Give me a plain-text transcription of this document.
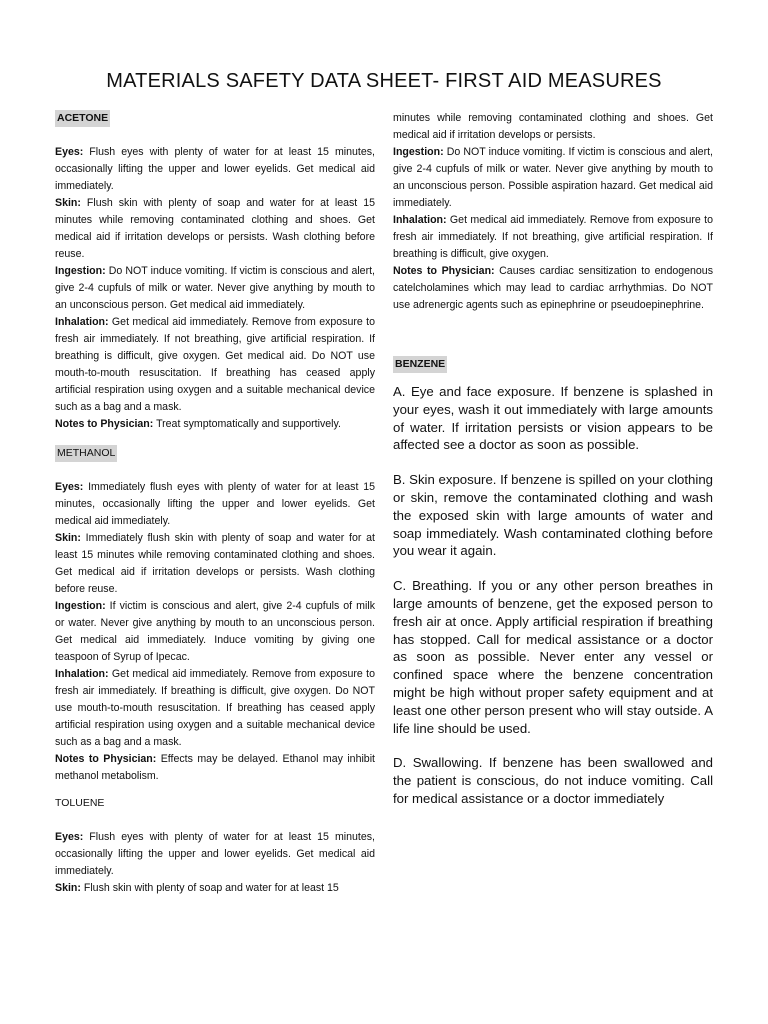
MATERIALS SAFETY DATA SHEET- FIRST AID MEASURES
ACETONE

Eyes: Flush eyes with plenty of water for at least 15 minutes, occasionally lifting the upper and lower eyelids. Get medical aid immediately.

Skin: Flush skin with plenty of soap and water for at least 15 minutes while removing contaminated clothing and shoes. Get medical aid if irritation develops or persists. Wash clothing before reuse.

Ingestion: Do NOT induce vomiting. If victim is conscious and alert, give 2-4 cupfuls of milk or water. Never give anything by mouth to an unconscious person. Get medical aid immediately.

Inhalation: Get medical aid immediately. Remove from exposure to fresh air immediately. If not breathing, give artificial respiration. If breathing is difficult, give oxygen. Get medical aid. Do NOT use mouth-to-mouth resuscitation. If breathing has ceased apply artificial respiration using oxygen and a suitable mechanical device such as a bag and a mask.

Notes to Physician: Treat symptomatically and supportively.

METHANOL

Eyes: Immediately flush eyes with plenty of water for at least 15 minutes, occasionally lifting the upper and lower eyelids. Get medical aid immediately.

Skin: Immediately flush skin with plenty of soap and water for at least 15 minutes while removing contaminated clothing and shoes. Get medical aid if irritation develops or persists. Wash clothing before reuse.

Ingestion: If victim is conscious and alert, give 2-4 cupfuls of milk or water. Never give anything by mouth to an unconscious person. Get medical aid immediately. Induce vomiting by giving one teaspoon of Syrup of Ipecac.

Inhalation: Get medical aid immediately. Remove from exposure to fresh air immediately. If breathing is difficult, give oxygen. Do NOT use mouth-to-mouth resuscitation. If breathing has ceased apply artificial respiration using oxygen and a suitable mechanical device such as a bag and a mask.

Notes to Physician: Effects may be delayed. Ethanol may inhibit methanol metabolism.

TOLUENE

Eyes: Flush eyes with plenty of water for at least 15 minutes, occasionally lifting the upper and lower eyelids. Get medical aid immediately.

Skin: Flush skin with plenty of soap and water for at least 15

minutes while removing contaminated clothing and shoes. Get medical aid if irritation develops or persists.

Ingestion: Do NOT induce vomiting. If victim is conscious and alert, give 2-4 cupfuls of milk or water. Never give anything by mouth to an unconscious person. Possible aspiration hazard. Get medical aid immediately.

Inhalation: Get medical aid immediately. Remove from exposure to fresh air immediately. If not breathing, give artificial respiration. If breathing is difficult, give oxygen.

Notes to Physician: Causes cardiac sensitization to endogenous catelcholamines which may lead to cardiac arrhythmias. Do NOT use adrenergic agents such as epinephrine or pseudoepinephrine.

BENZENE

A. Eye and face exposure. If benzene is splashed in your eyes, wash it out immediately with large amounts of water. If irritation persists or vision appears to be affected see a doctor as soon as possible.

B. Skin exposure. If benzene is spilled on your clothing or skin, remove the contaminated clothing and wash the exposed skin with large amounts of water and soap immediately. Wash contaminated clothing before you wear it again.

C. Breathing. If you or any other person breathes in large amounts of benzene, get the exposed person to fresh air at once. Apply artificial respiration if breathing has stopped. Call for medical assistance or a doctor as soon as possible. Never enter any vessel or confined space where the benzene concentration might be high without proper safety equipment and at least one other person present who will stay outside. A life line should be used.

D. Swallowing. If benzene has been swallowed and the patient is conscious, do not induce vomiting. Call for medical assistance or a doctor immediately
